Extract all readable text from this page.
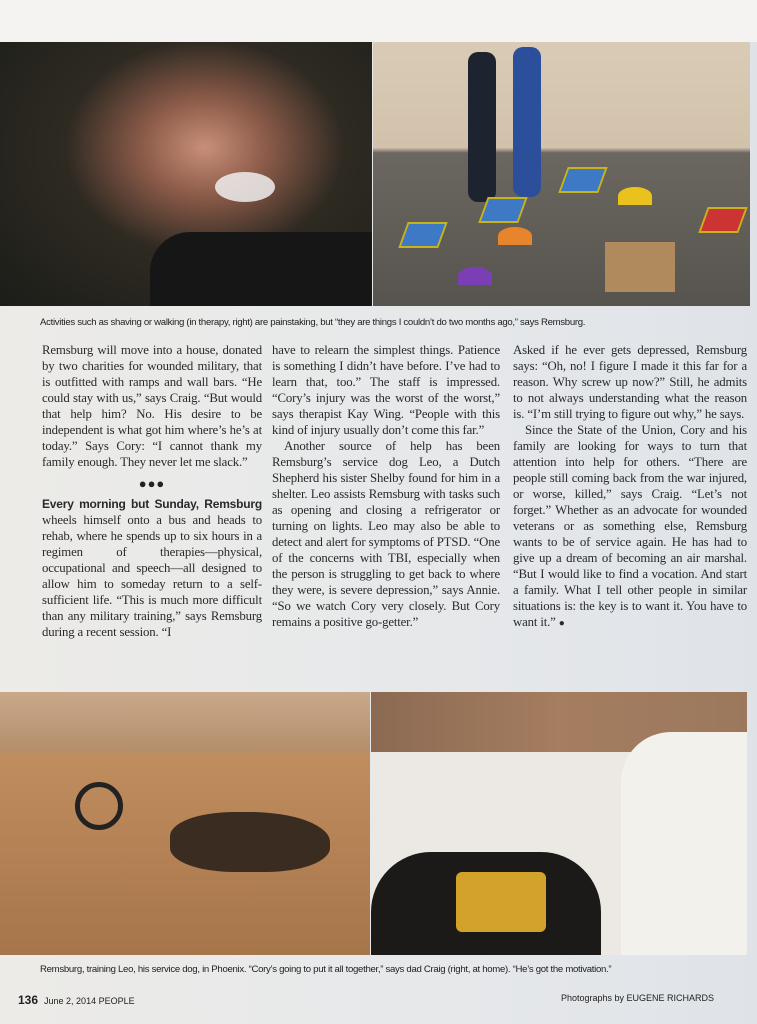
Activities such as shaving or walking (in therapy, right) are painstaking, but “they are things I couldn’t do two months ago,” says Remsburg.

Remsburg will move into a house, donated by two charities for wounded military, that is outfitted with ramps and wall bars. “He could stay with us,” says Craig. “But would that help him? No. His desire to be independent is what got him where’s he’s at today.” Says Cory: “I cannot thank my family enough. They never let me slack.”

●●●

Every morning but Sunday, Remsburg wheels himself onto a bus and heads to rehab, where he spends up to six hours in a regimen of therapies—physical, occupational and speech—all designed to allow him to someday return to a self-sufficient life. “This is much more difficult than any military training,” says Remsburg during a recent session. “I

have to relearn the simplest things. Patience is something I didn’t have before. I’ve had to learn that, too.” The staff is impressed. “Cory’s injury was the worst of the worst,” says therapist Kay Wing. “People with this kind of injury usually don’t come this far.”

Another source of help has been Remsburg’s service dog Leo, a Dutch Shepherd his sister Shelby found for him in a shelter. Leo assists Remsburg with tasks such as opening and closing a refrigerator or turning on lights. Leo may also be able to detect and alert for symptoms of PTSD. “One of the concerns with TBI, especially when the person is struggling to get back to where they were, is severe depression,” says Annie. “So we watch Cory very closely. But Cory remains a positive go-getter.”

Asked if he ever gets depressed, Remsburg says: “Oh, no! I figure I made it this far for a reason. Why screw up now?” Still, he admits to not always understanding what the reason is. “I’m still trying to figure out why,” he says.

Since the State of the Union, Cory and his family are looking for ways to turn that attention into help for others. “There are people still coming back from the war injured, or worse, killed,” says Craig. “Let’s not forget.” Whether as an advocate for wounded veterans or as something else, Remsburg wants to be of service again. He has had to give up a dream of becoming an air marshal. “But I would like to find a vocation. And start a family. What I tell other people in similar situations is: the key is to want it. You have to want it.” ●

Remsburg, training Leo, his service dog, in Phoenix. “Cory’s going to put it all together,” says dad Craig (right, at home). “He’s got the motivation.”
136 June 2, 2014 PEOPLE	Photographs by EUGENE RICHARDS
